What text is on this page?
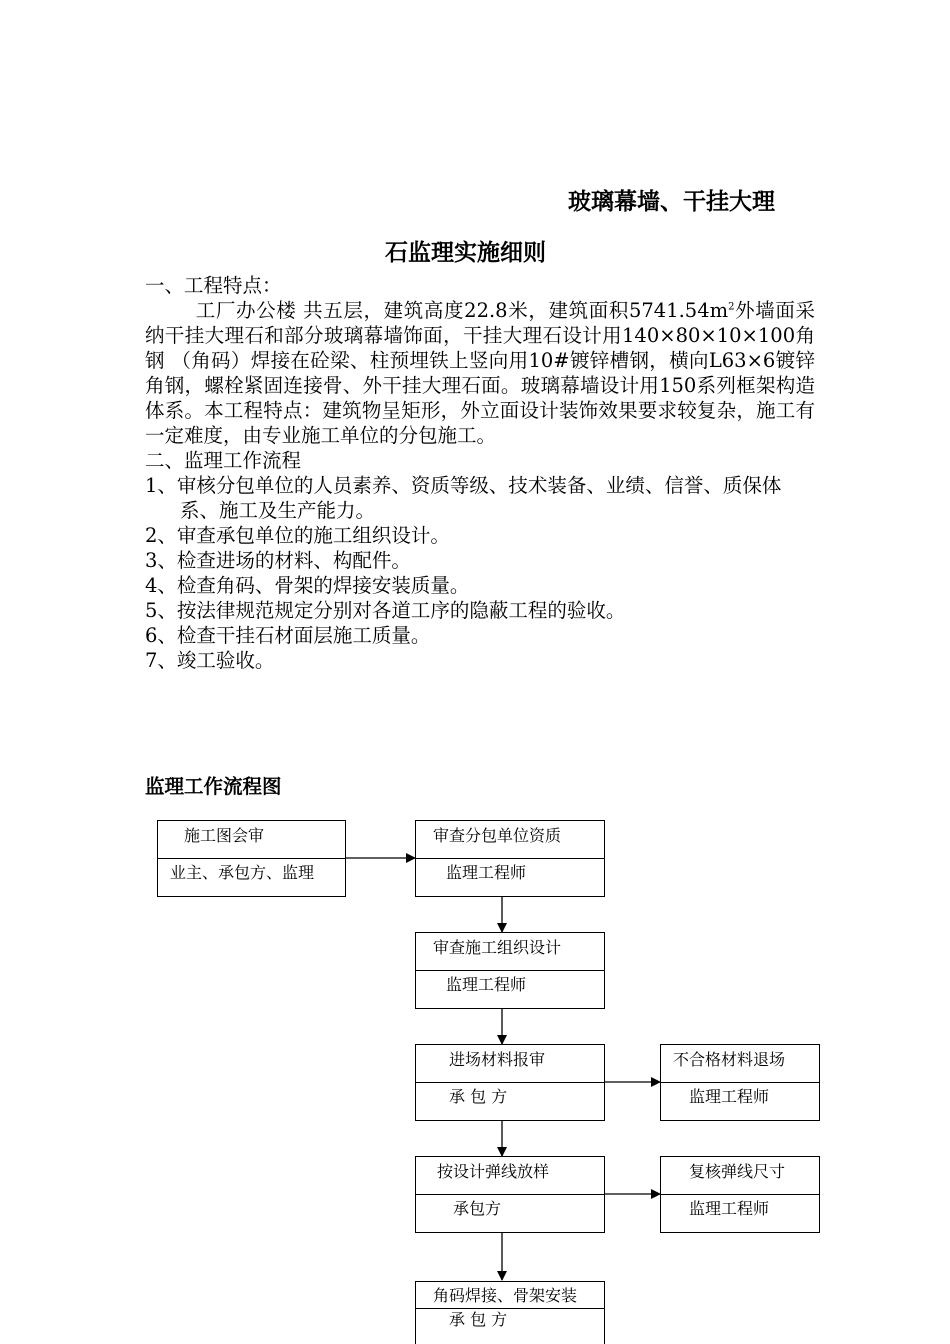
玻璃幕墙、干挂大理
石监理实施细则

一、工程特点：

工厂办公楼 共五层，建筑高度22.8米，建筑面积$5741.54m^2$外墙面采纳干挂大理石和部分玻璃幕墙饰面，干挂大理石设计用140×80×10×100角钢 （角码）焊接在砼梁、柱预埋铁上竖向用10#镀锌槽钢，横向L63×6镀锌角钢，螺栓紧固连接骨、外干挂大理石面。玻璃幕墙设计用150系列框架构造体系。本工程特点：建筑物呈矩形，外立面设计装饰效果要求较复杂，施工有一定难度，由专业施工单位的分包施工。

二、监理工作流程

1、审核分包单位的人员素养、资质等级、技术装备、业绩、信誉、质保体系、施工及生产能力。

2、审查承包单位的施工组织设计。

3、检查进场的材料、构配件。

4、检查角码、骨架的焊接安装质量。

5、按法律规范规定分别对各道工序的隐蔽工程的验收。

6、检查干挂石材面层施工质量。

7、竣工验收。

监理工作流程图
施工图会审
业主、承包方、监理
审查分包单位资质
监理工程师
审查施工组织设计
监理工程师
进场材料报审
承 包 方
不合格材料退场
监理工程师
按设计弹线放样
承包方
复核弹线尺寸
监理工程师
角码焊接、骨架安装
承 包 方
